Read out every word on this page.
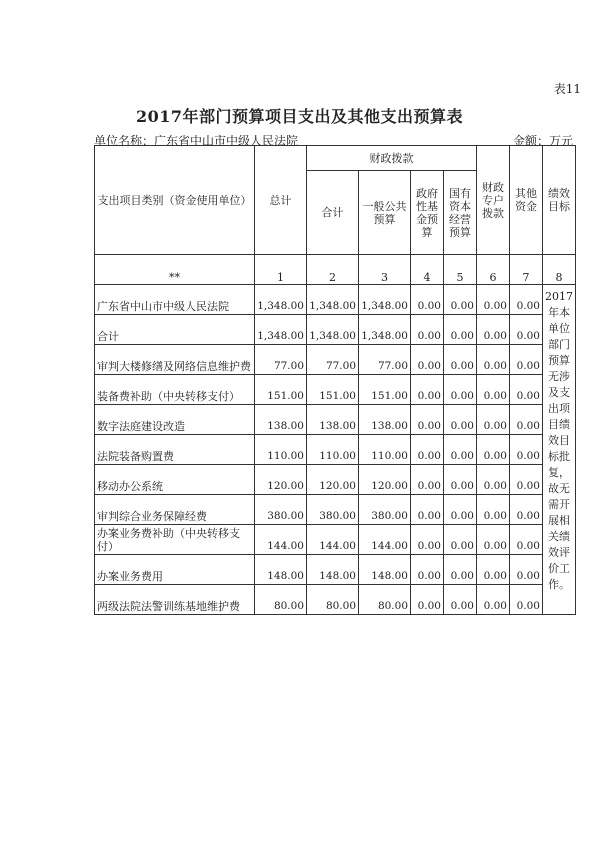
表11
2017年部门预算项目支出及其他支出预算表
单位名称：广东省中山市中级人民法院	金额：万元
支出项目类别（资金使用单位）	总计	财政拨款				财政专户拨款	其他资金	绩效目标
		合计	一般公共预算	政府性基金预算	国有资本经营预算			
**	1	2	3	4	5	6	7	8
广东省中山市中级人民法院	1,348.00	1,348.00	1,348.00	0.00	0.00	0.00	0.00	2017年本单位部门预算无涉及支出项目绩效目标批复，故无需开展相关绩效评价工作。
合计	1,348.00	1,348.00	1,348.00	0.00	0.00	0.00	0.00	
审判大楼修缮及网络信息维护费	77.00	77.00	77.00	0.00	0.00	0.00	0.00	
装备费补助（中央转移支付）	151.00	151.00	151.00	0.00	0.00	0.00	0.00	
数字法庭建设改造	138.00	138.00	138.00	0.00	0.00	0.00	0.00	
法院装备购置费	110.00	110.00	110.00	0.00	0.00	0.00	0.00	
移动办公系统	120.00	120.00	120.00	0.00	0.00	0.00	0.00	
审判综合业务保障经费	380.00	380.00	380.00	0.00	0.00	0.00	0.00	
办案业务费补助（中央转移支付）	144.00	144.00	144.00	0.00	0.00	0.00	0.00	
办案业务费用	148.00	148.00	148.00	0.00	0.00	0.00	0.00	
两级法院法警训练基地维护费	80.00	80.00	80.00	0.00	0.00	0.00	0.00	
